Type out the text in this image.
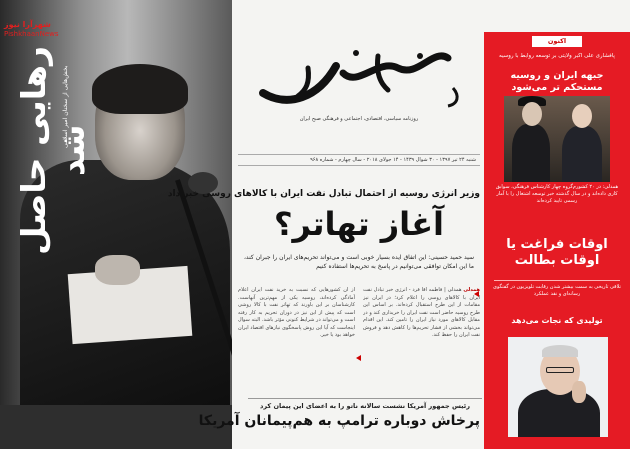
رهایی حاصل شد
بخش‌هایی از سخنان امیر اسلامی
شهرآرا نیوز
PishkhaanNews
روزنامه سیاسی، اقتصادی، اجتماعی و فرهنگی صبح ایران
شنبه ۲۴ تیر ۱۳۹۷ - ۳۰ شوال ۱۴۳۹ - ۱۴ جولای ۲۰۱۸ - سال چهارم - شماره ۹۶۸
وزیر انرژی روسیه از احتمال تبادل نفت ایران با کالاهای روسی خبر داد
آغاز تهاتر؟
سید حمید حسینی: این اتفاق ایده بسیار خوبی است و می‌تواند تحریم‌های ایران را جبران کند، ما این امکان توافقی می‌توانیم در پاسخ به تحریم‌ها استفاده کنیم
همدلی همدلی | فاطمه آقا فرد - انرژی خبر تبادل نفت ایران با کالاهای روسی را اعلام کرد؛ در ایران نیز مقامات از این طرح استقبال کرده‌اند. بر اساس این طرح روسیه حاضر است نفت ایران را خریداری کند و در مقابل کالاهای مورد نیاز ایران را تامین کند. این اقدام می‌تواند بخشی از فشار تحریم‌ها را کاهش دهد و فروش نفت ایران را حفظ کند.
از آن کشورهایی که نسبت به خرید نفت ایران اعلام آمادگی کرده‌اند، روسیه یکی از مهم‌ترین آنهاست. کارشناسان بر این باورند که تهاتر نفت با کالا روشی است که پیش از این نیز در دوران تحریم به کار رفته است و می‌تواند در شرایط کنونی مؤثر باشد. البته سوال اینجاست که آیا این روش پاسخگوی نیازهای اقتصاد ایران خواهد بود یا خیر.
رئیس جمهور آمریکا نشست سالانه ناتو را به اعضای این پیمان کرد
پرخاش دوباره ترامپ به هم‌پیمانان آمریکا
اکنون
پافشاری علی اکبر ولایتی بر توسعه روابط با روسیه
جبهه ایران و روسیه مستحکم تر می‌شود
همدلی: در ۲۰ کشورم‌گروه چهار کارشناس فرهنگی، سوابق کاری داده‌اند و در سال گذشته خبر توسعه اشتغال را با آمار رسمی تایید کرده‌اند
اوقات فراغت یا اوقات بطالت
تلاقی تاریخی به سمت بیشتر شدن رقابت تلویزیون در گفتگوی رسانه‌ای و نقد عملکرد
توليدی كه نجات می‌دهد
